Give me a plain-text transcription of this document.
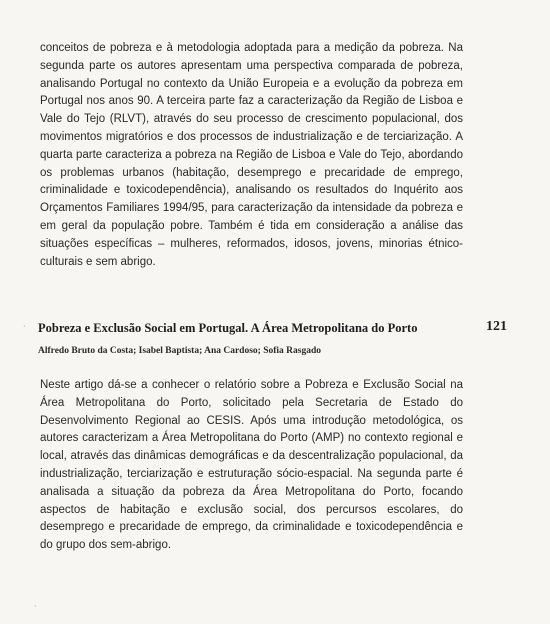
conceitos de pobreza e à metodologia adoptada para a medição da pobreza. Na segunda parte os autores apresentam uma perspectiva comparada de pobreza, analisando Portugal no contexto da União Europeia e a evolução da pobreza em Portugal nos anos 90. A terceira parte faz a caracterização da Região de Lisboa e Vale do Tejo (RLVT), através do seu processo de crescimento populacional, dos movimentos migratórios e dos processos de industrialização e de terciarização. A quarta parte caracteriza a pobreza na Região de Lisboa e Vale do Tejo, abordando os problemas urbanos (habitação, desemprego e precaridade de emprego, criminalidade e toxicodependência), analisando os resultados do Inquérito aos Orçamentos Familiares 1994/95, para caracterização da intensidade da pobreza e em geral da população pobre. Também é tida em consideração a análise das situações específicas – mulheres, reformados, idosos, jovens, minorias étnico-culturais e sem abrigo.

· Pobreza e Exclusão Social em Portugal. A Área Metropolitana do Porto	121

Alfredo Bruto da Costa; Isabel Baptista; Ana Cardoso; Sofia Rasgado

Neste artigo dá-se a conhecer o relatório sobre a Pobreza e Exclusão Social na Área Metropolitana do Porto, solicitado pela Secretaria de Estado do Desenvolvimento Regional ao CESIS. Após uma introdução metodológica, os autores caracterizam a Área Metropolitana do Porto (AMP) no contexto regional e local, através das dinâmicas demográficas e da descentralização populacional, da industrialização, terciarização e estruturação sócio-espacial. Na segunda parte é analisada a situação da pobreza da Área Metropolitana do Porto, focando aspectos de habitação e exclusão social, dos percursos escolares, do desemprego e precaridade de emprego, da criminalidade e toxicodependência e do grupo dos sem-abrigo.

·
